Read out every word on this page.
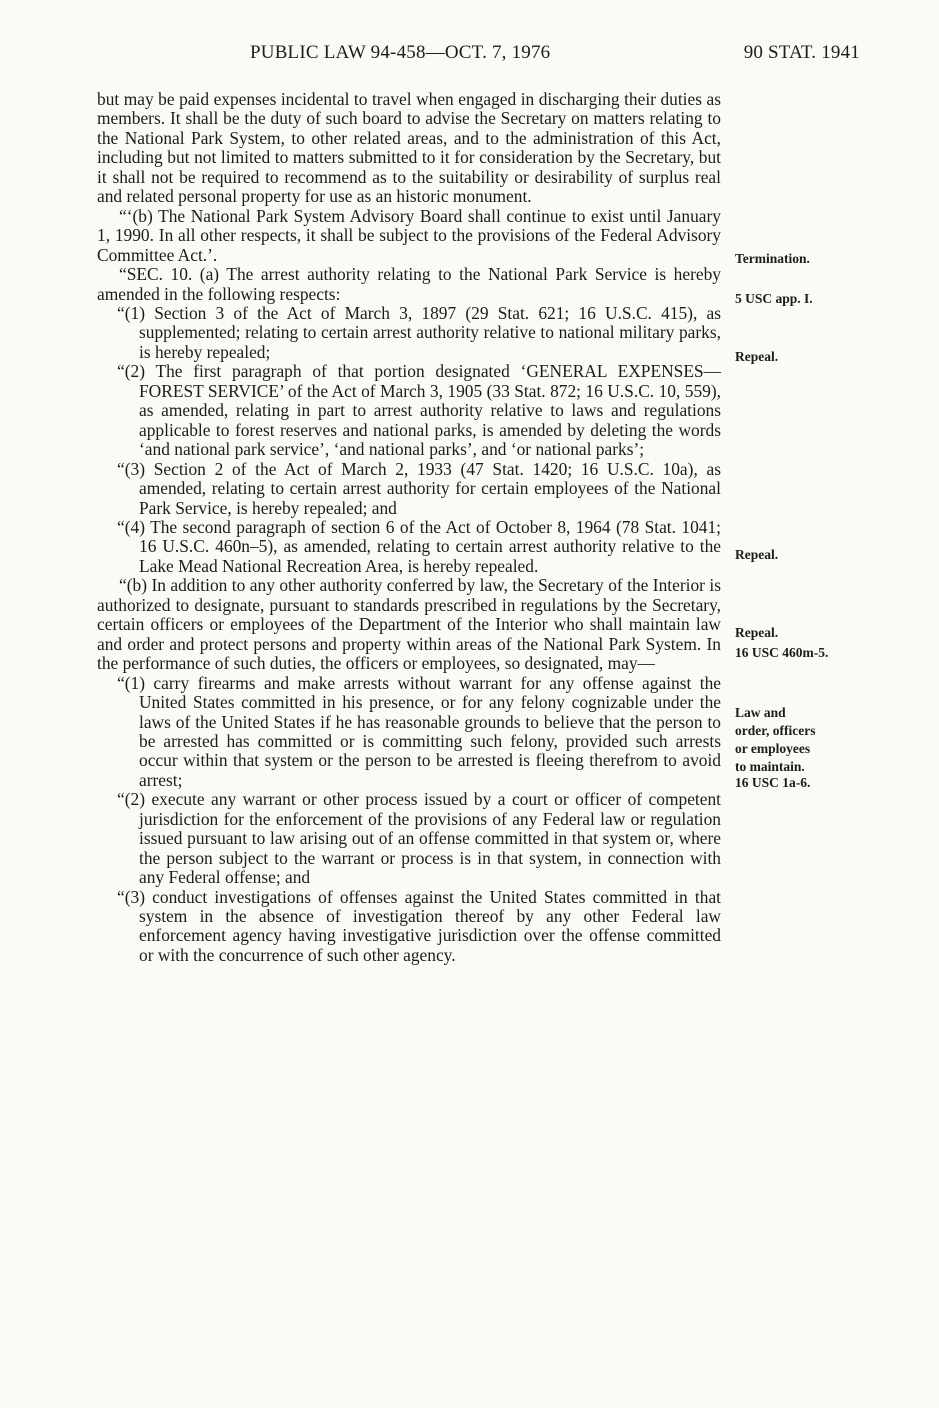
PUBLIC LAW 94-458—OCT. 7, 1976	90 STAT. 1941

but may be paid expenses incidental to travel when engaged in discharging their duties as members. It shall be the duty of such board to advise the Secretary on matters relating to the National Park System, to other related areas, and to the administration of this Act, including but not limited to matters submitted to it for consideration by the Secretary, but it shall not be required to recommend as to the suitability or desirability of surplus real and related personal property for use as an historic monument.

“‘(b) The National Park System Advisory Board shall continue to exist until January 1, 1990. In all other respects, it shall be subject to the provisions of the Federal Advisory Committee Act.’.

“SEC. 10. (a) The arrest authority relating to the National Park Service is hereby amended in the following respects:

“(1) Section 3 of the Act of March 3, 1897 (29 Stat. 621; 16 U.S.C. 415), as supplemented; relating to certain arrest authority relative to national military parks, is hereby repealed;

“(2) The first paragraph of that portion designated ‘GENERAL EXPENSES—FOREST SERVICE’ of the Act of March 3, 1905 (33 Stat. 872; 16 U.S.C. 10, 559), as amended, relating in part to arrest authority relative to laws and regulations applicable to forest reserves and national parks, is amended by deleting the words ‘and national park service’, ‘and national parks’, and ‘or national parks’;

“(3) Section 2 of the Act of March 2, 1933 (47 Stat. 1420; 16 U.S.C. 10a), as amended, relating to certain arrest authority for certain employees of the National Park Service, is hereby repealed; and

“(4) The second paragraph of section 6 of the Act of October 8, 1964 (78 Stat. 1041; 16 U.S.C. 460n–5), as amended, relating to certain arrest authority relative to the Lake Mead National Recreation Area, is hereby repealed.

“(b) In addition to any other authority conferred by law, the Secretary of the Interior is authorized to designate, pursuant to standards prescribed in regulations by the Secretary, certain officers or employees of the Department of the Interior who shall maintain law and order and protect persons and property within areas of the National Park System. In the performance of such duties, the officers or employees, so designated, may—

“(1) carry firearms and make arrests without warrant for any offense against the United States committed in his presence, or for any felony cognizable under the laws of the United States if he has reasonable grounds to believe that the person to be arrested has committed or is committing such felony, provided such arrests occur within that system or the person to be arrested is fleeing therefrom to avoid arrest;

“(2) execute any warrant or other process issued by a court or officer of competent jurisdiction for the enforcement of the provisions of any Federal law or regulation issued pursuant to law arising out of an offense committed in that system or, where the person subject to the warrant or process is in that system, in connection with any Federal offense; and

“(3) conduct investigations of offenses against the United States committed in that system in the absence of investigation thereof by any other Federal law enforcement agency having investigative jurisdiction over the offense committed or with the concurrence of such other agency.

Termination.
5 USC app. I.
Repeal.
Repeal.
Repeal.
16 USC 460m-5.
Law and
order, officers
or employees
to maintain.
16 USC 1a-6.
